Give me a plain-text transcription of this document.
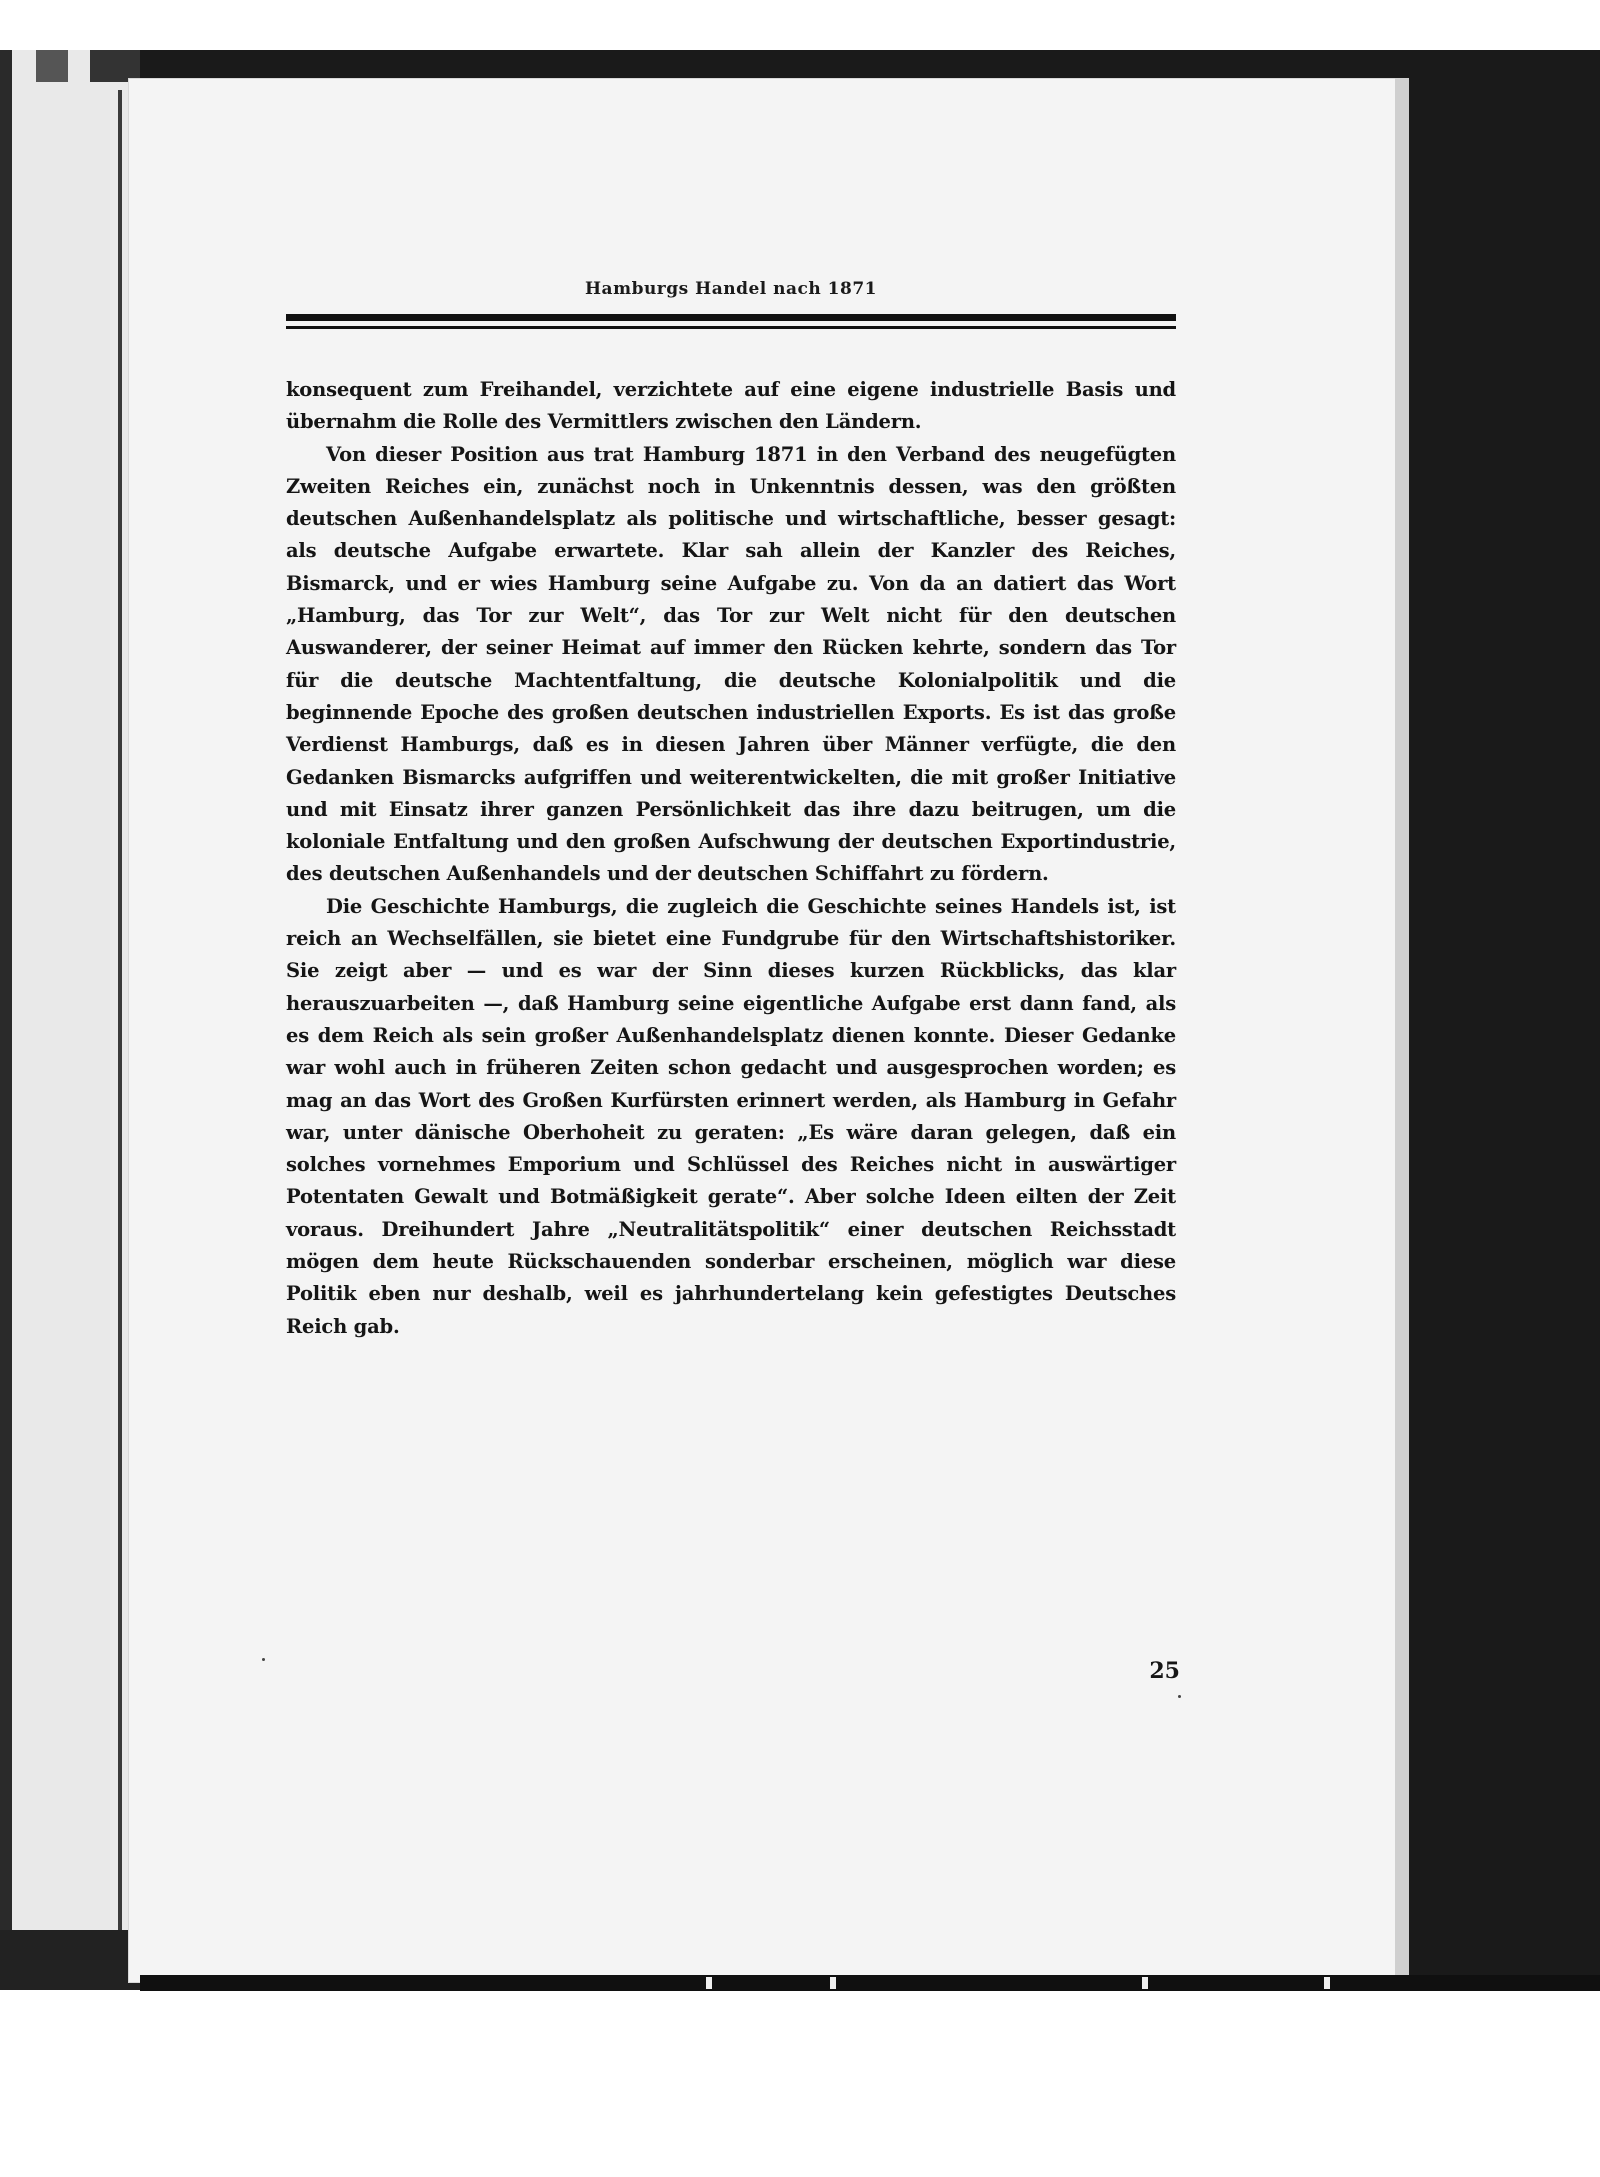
Hamburgs Handel nach 1871

konsequent zum Freihandel, verzichtete auf eine eigene industrielle Basis und übernahm die Rolle des Vermittlers zwischen den Ländern.

Von dieser Position aus trat Hamburg 1871 in den Verband des neugefügten Zweiten Reiches ein, zunächst noch in Unkenntnis dessen, was den größten deutschen Außenhandelsplatz als politische und wirtschaftliche, besser gesagt: als deutsche Aufgabe erwartete. Klar sah allein der Kanzler des Reiches, Bismarck, und er wies Hamburg seine Aufgabe zu. Von da an datiert das Wort „Hamburg, das Tor zur Welt“, das Tor zur Welt nicht für den deutschen Auswanderer, der seiner Heimat auf immer den Rücken kehrte, sondern das Tor für die deutsche Machtentfaltung, die deutsche Kolonialpolitik und die beginnende Epoche des großen deutschen industriellen Exports. Es ist das große Verdienst Hamburgs, daß es in diesen Jahren über Männer verfügte, die den Gedanken Bismarcks aufgriffen und weiterentwickelten, die mit großer Initiative und mit Einsatz ihrer ganzen Persönlichkeit das ihre dazu beitrugen, um die koloniale Entfaltung und den großen Aufschwung der deutschen Exportindustrie, des deutschen Außenhandels und der deutschen Schiffahrt zu fördern.

Die Geschichte Hamburgs, die zugleich die Geschichte seines Handels ist, ist reich an Wechselfällen, sie bietet eine Fundgrube für den Wirtschaftshistoriker. Sie zeigt aber — und es war der Sinn dieses kurzen Rückblicks, das klar herauszuarbeiten —, daß Hamburg seine eigentliche Aufgabe erst dann fand, als es dem Reich als sein großer Außenhandelsplatz dienen konnte. Dieser Gedanke war wohl auch in früheren Zeiten schon gedacht und ausgesprochen worden; es mag an das Wort des Großen Kurfürsten erinnert werden, als Hamburg in Gefahr war, unter dänische Oberhoheit zu geraten: „Es wäre daran gelegen, daß ein solches vornehmes Emporium und Schlüssel des Reiches nicht in auswärtiger Potentaten Gewalt und Botmäßigkeit gerate“. Aber solche Ideen eilten der Zeit voraus. Dreihundert Jahre „Neutralitätspolitik“ einer deutschen Reichsstadt mögen dem heute Rückschauenden sonderbar erscheinen, möglich war diese Politik eben nur deshalb, weil es jahrhundertelang kein gefestigtes Deutsches Reich gab.

25
